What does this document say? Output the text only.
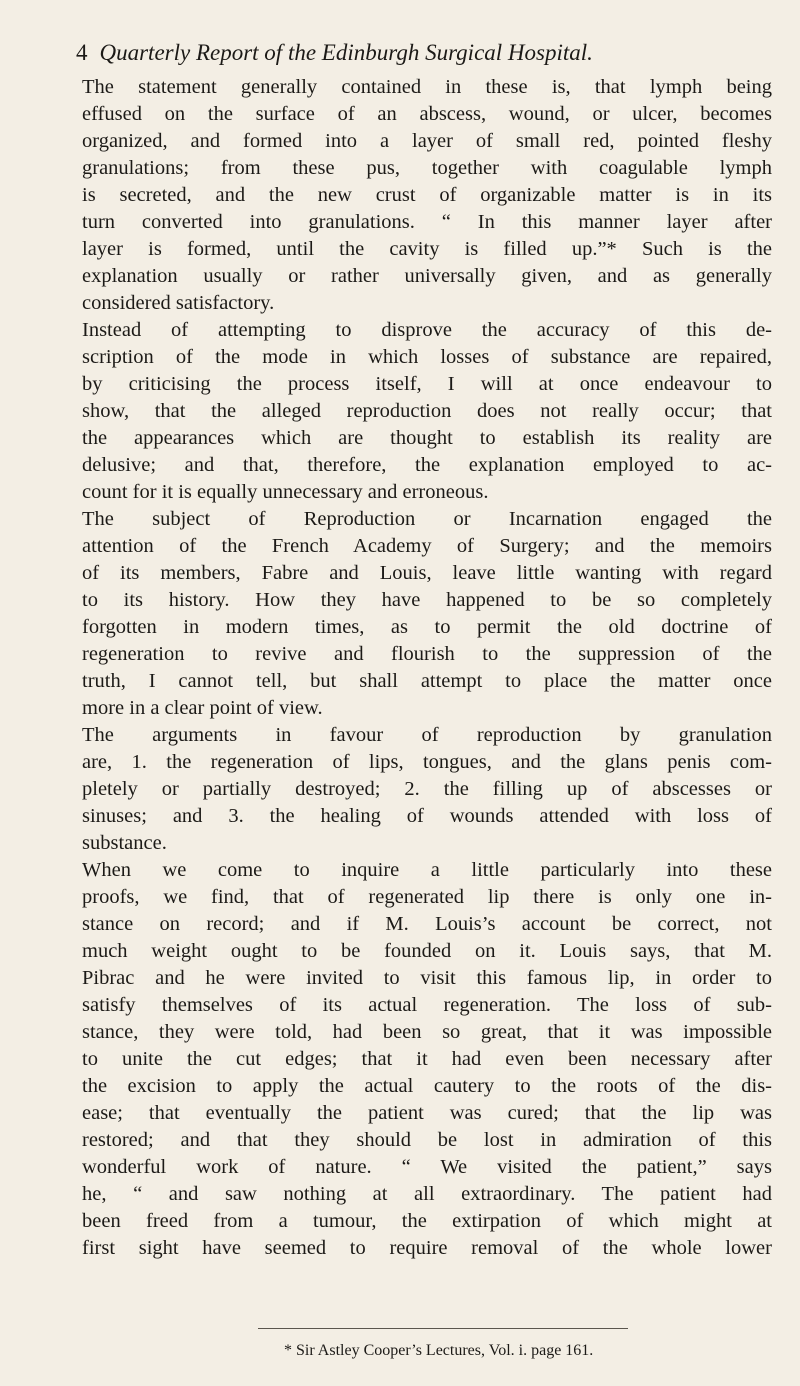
4 Quarterly Report of the Edinburgh Surgical Hospital.
The statement generally contained in these is, that lymph being
effused on the surface of an abscess, wound, or ulcer, becomes
organized, and formed into a layer of small red, pointed fleshy
granulations; from these pus, together with coagulable lymph
is secreted, and the new crust of organizable matter is in its
turn converted into granulations. “ In this manner layer after
layer is formed, until the cavity is filled up.”* Such is the
explanation usually or rather universally given, and as generally
considered satisfactory.
Instead of attempting to disprove the accuracy of this de-
scription of the mode in which losses of substance are repaired,
by criticising the process itself, I will at once endeavour to
show, that the alleged reproduction does not really occur; that
the appearances which are thought to establish its reality are
delusive; and that, therefore, the explanation employed to ac-
count for it is equally unnecessary and erroneous.
The subject of Reproduction or Incarnation engaged the
attention of the French Academy of Surgery; and the memoirs
of its members, Fabre and Louis, leave little wanting with regard
to its history. How they have happened to be so completely
forgotten in modern times, as to permit the old doctrine of
regeneration to revive and flourish to the suppression of the
truth, I cannot tell, but shall attempt to place the matter once
more in a clear point of view.
The arguments in favour of reproduction by granulation
are, 1. the regeneration of lips, tongues, and the glans penis com-
pletely or partially destroyed; 2. the filling up of abscesses or
sinuses; and 3. the healing of wounds attended with loss of
substance.
When we come to inquire a little particularly into these
proofs, we find, that of regenerated lip there is only one in-
stance on record; and if M. Louis’s account be correct, not
much weight ought to be founded on it. Louis says, that M.
Pibrac and he were invited to visit this famous lip, in order to
satisfy themselves of its actual regeneration. The loss of sub-
stance, they were told, had been so great, that it was impossible
to unite the cut edges; that it had even been necessary after
the excision to apply the actual cautery to the roots of the dis-
ease; that eventually the patient was cured; that the lip was
restored; and that they should be lost in admiration of this
wonderful work of nature. “ We visited the patient,” says
he, “ and saw nothing at all extraordinary. The patient had
been freed from a tumour, the extirpation of which might at
first sight have seemed to require removal of the whole lower
* Sir Astley Cooper’s Lectures, Vol. i. page 161.
